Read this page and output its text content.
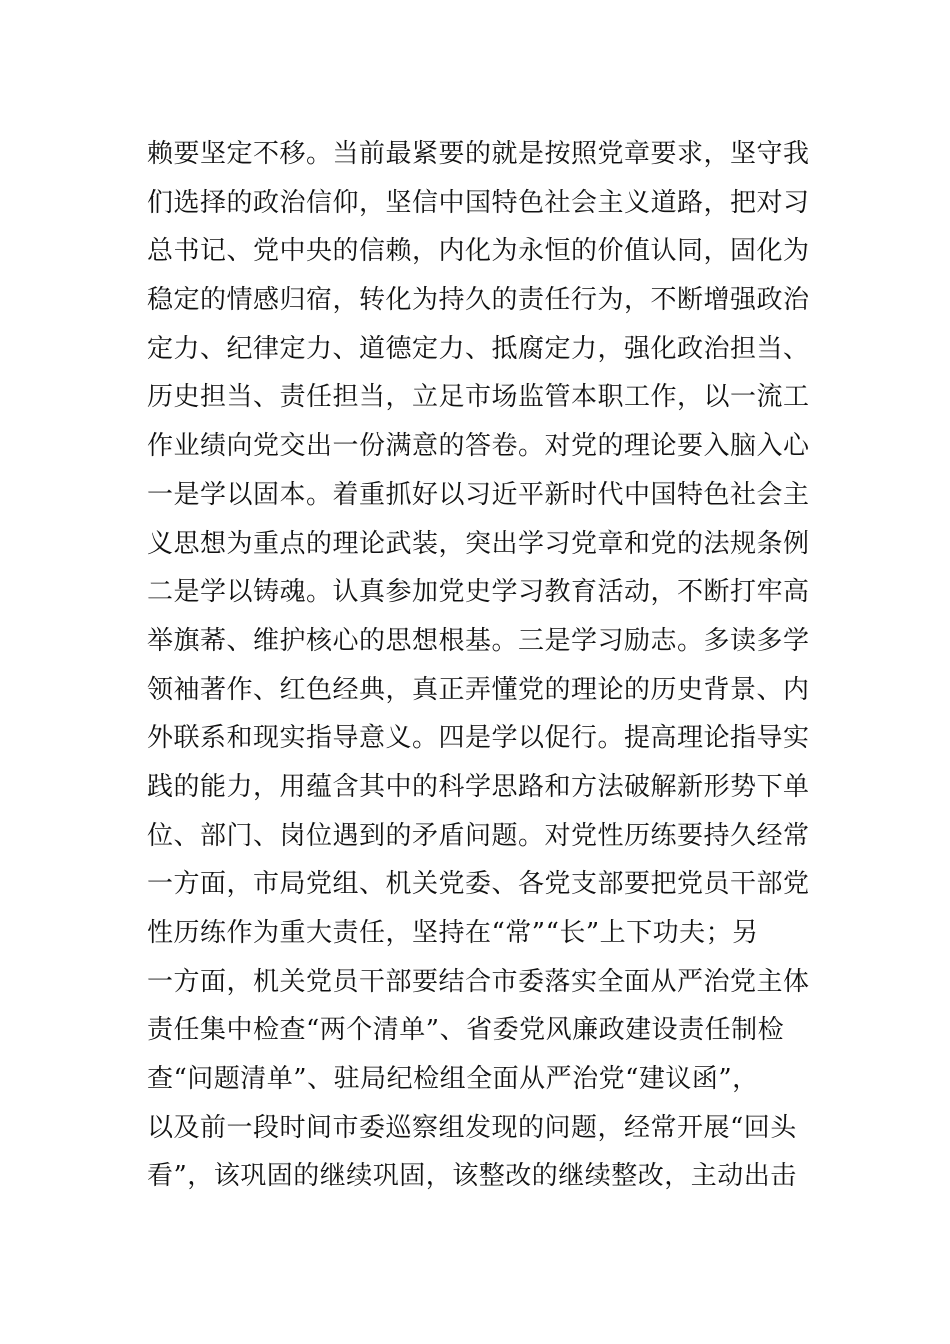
赖要坚定不移。当前最紧要的就是按照党章要求，坚守我
们选择的政治信仰，坚信中国特色社会主义道路，把对习
总书记、党中央的信赖，内化为永恒的价值认同，固化为
稳定的情感归宿，转化为持久的责任行为，不断增强政治
定力、纪律定力、道德定力、抵腐定力，强化政治担当、
历史担当、责任担当，立足市场监管本职工作，以一流工
作业绩向党交出一份满意的答卷。对党的理论要入脑入心
一是学以固本。着重抓好以习近平新时代中国特色社会主
义思想为重点的理论武装，突出学习党章和党的法规条例
二是学以铸魂。认真参加党史学习教育活动，不断打牢高
举旗莃、维护核心的思想根基。三是学习励志。多读多学
领袖著作、红色经典，真正弄懂党的理论的历史背景、内
外联系和现实指导意义。四是学以促行。提高理论指导实
践的能力，用蕴含其中的科学思路和方法破解新形势下单
位、部门、岗位遇到的矛盾问题。对党性历练要持久经常
一方面，市局党组、机关党委、各党支部要把党员干部党
性历练作为重大责任，坚持在“常”“长”上下功夫；另
一方面，机关党员干部要结合市委落实全面从严治党主体
责任集中检查“两个清单”、省委党风廉政建设责任制检
查“问题清单”、驻局纪检组全面从严治党“建议函”，
以及前一段时间市委巡察组发现的问题，经常开展“回头
看”，该巩固的继续巩固，该整改的继续整改，主动出击
